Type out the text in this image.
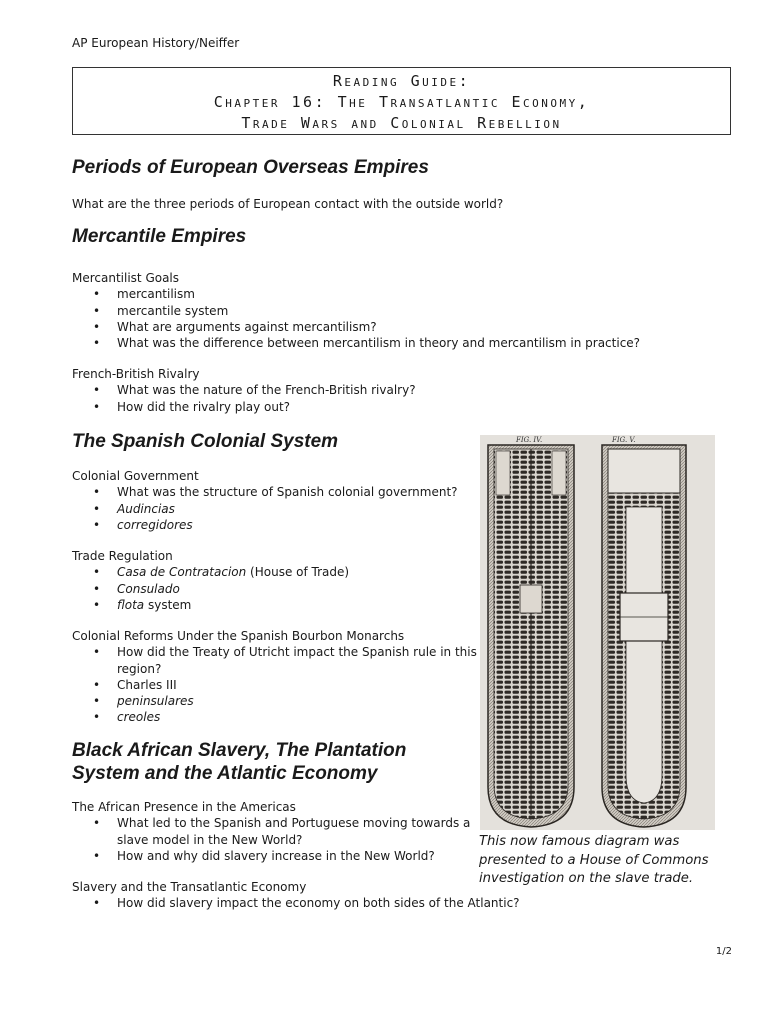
AP European History/Neiffer
Reading Guide:
Chapter 16: The Transatlantic Economy,
Trade Wars and Colonial Rebellion
Periods of European Overseas Empires

What are the three periods of European contact with the outside world?

Mercantile Empires
Mercantilist Goals
• mercantilism
• mercantile system
• What are arguments against mercantilism?
• What was the difference between mercantilism in theory and mercantilism in practice?
French-British Rivalry
• What was the nature of the French-British rivalry?
• How did the rivalry play out?
The Spanish Colonial System
Colonial Government
• What was the structure of Spanish colonial government?
• Audincias
• corregidores
Trade Regulation
• Casa de Contratacion (House of Trade)
• Consulado
• flota system
Colonial Reforms Under the Spanish Bourbon Monarchs
• How did the Treaty of Utricht impact the Spanish rule in this region?
• Charles III
• peninsulares
• creoles
Black African Slavery, The Plantation
System and the Atlantic Economy
The African Presence in the Americas
• What led to the Spanish and Portuguese moving towards a slave model in the New World?
• How and why did slavery increase in the New World?
Slavery and the Transatlantic Economy
• How did slavery impact the economy on both sides of the Atlantic?
FIG. IV.	FIG. V.

This now famous diagram was presented to a House of Commons investigation on the slave trade.

1/2
